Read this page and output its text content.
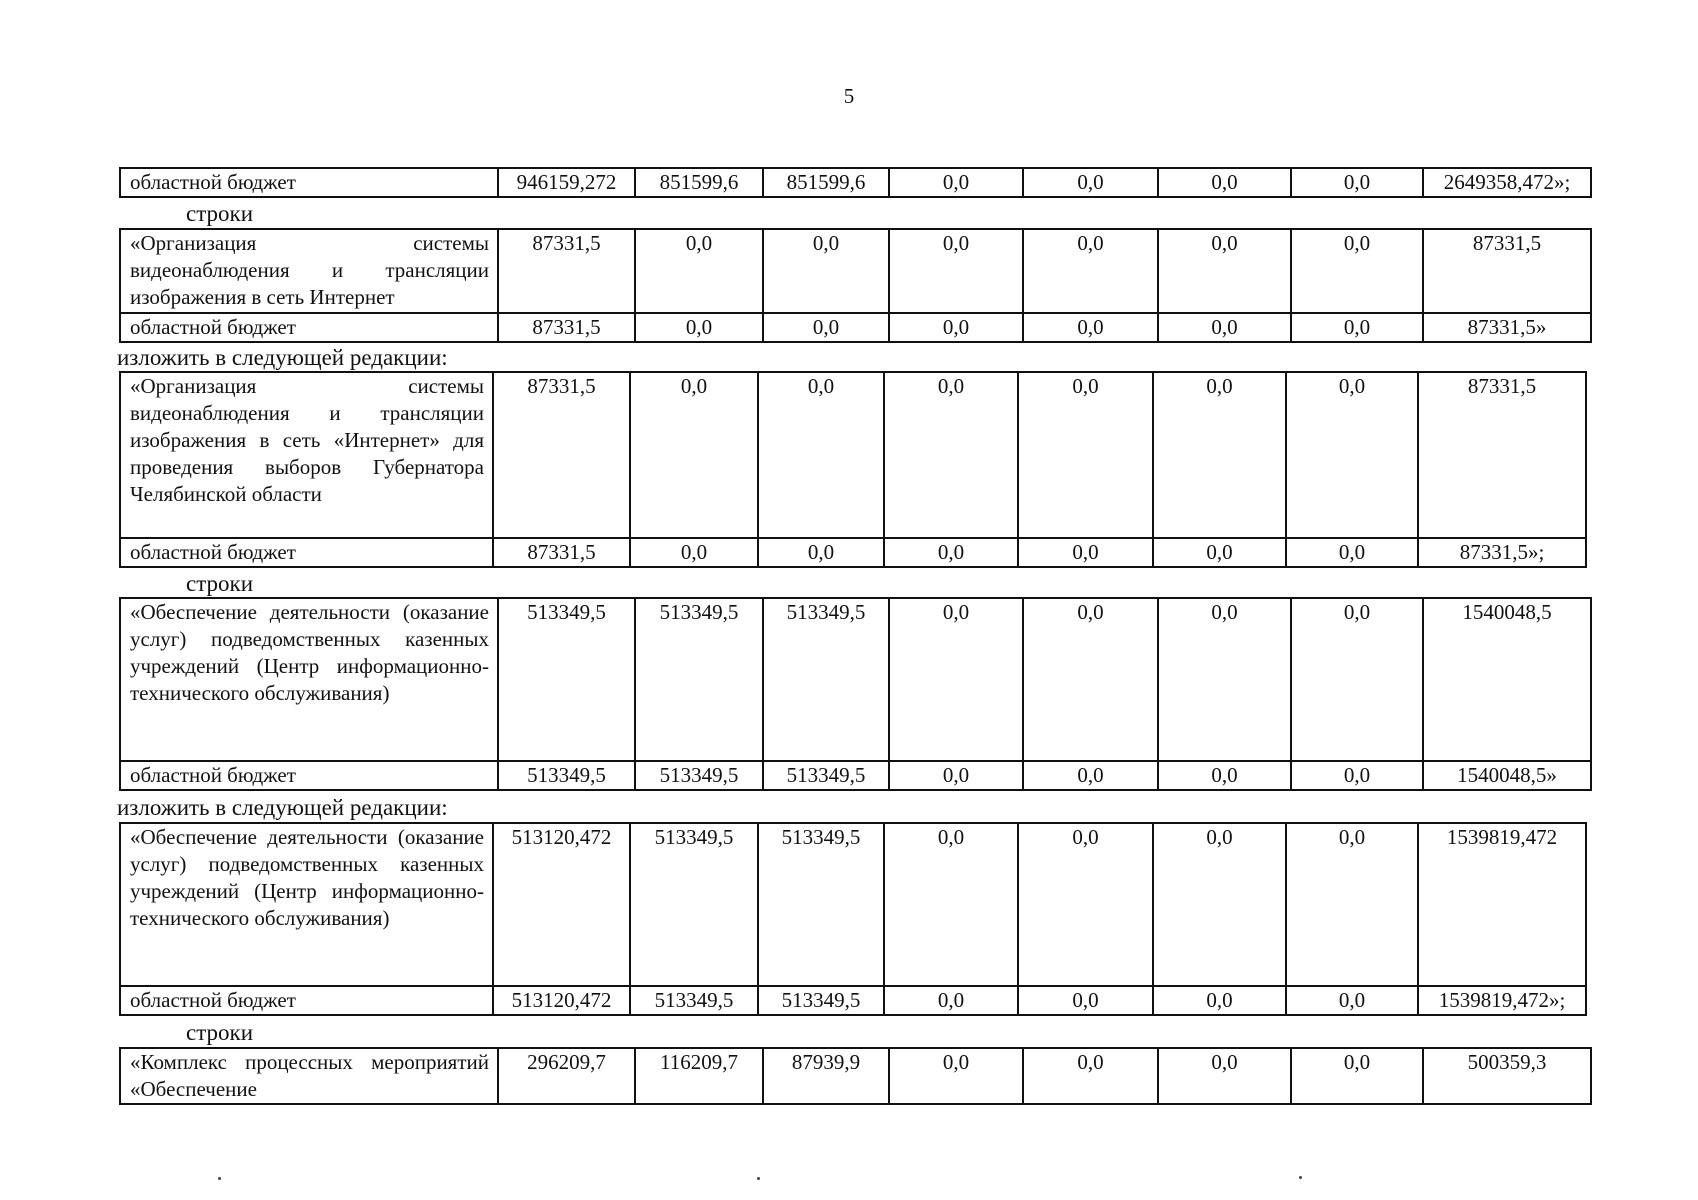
5
областной бюджет	946159,272	851599,6	851599,6	0,0	0,0	0,0	0,0	2649358,472»;
строки
«Организация системы видеонаблюдения и трансляции изображения в сеть Интернет	87331,5	0,0	0,0	0,0	0,0	0,0	0,0	87331,5
областной бюджет	87331,5	0,0	0,0	0,0	0,0	0,0	0,0	87331,5»
изложить в следующей редакции:
«Организация системы видеонаблюдения и трансляции изображения в сеть «Интернет» для проведения выборов Губернатора Челябинской области	87331,5	0,0	0,0	0,0	0,0	0,0	0,0	87331,5
областной бюджет	87331,5	0,0	0,0	0,0	0,0	0,0	0,0	87331,5»;
строки
«Обеспечение деятельности (оказание услуг) подведомственных казенных учреждений (Центр информационно-технического обслуживания)	513349,5	513349,5	513349,5	0,0	0,0	0,0	0,0	1540048,5
областной бюджет	513349,5	513349,5	513349,5	0,0	0,0	0,0	0,0	1540048,5»
изложить в следующей редакции:
«Обеспечение деятельности (оказание услуг) подведомственных казенных учреждений (Центр информационно-технического обслуживания)	513120,472	513349,5	513349,5	0,0	0,0	0,0	0,0	1539819,472
областной бюджет	513120,472	513349,5	513349,5	0,0	0,0	0,0	0,0	1539819,472»;
строки
«Комплекс процессных мероприятий «Обеспечение	296209,7	116209,7	87939,9	0,0	0,0	0,0	0,0	500359,3
